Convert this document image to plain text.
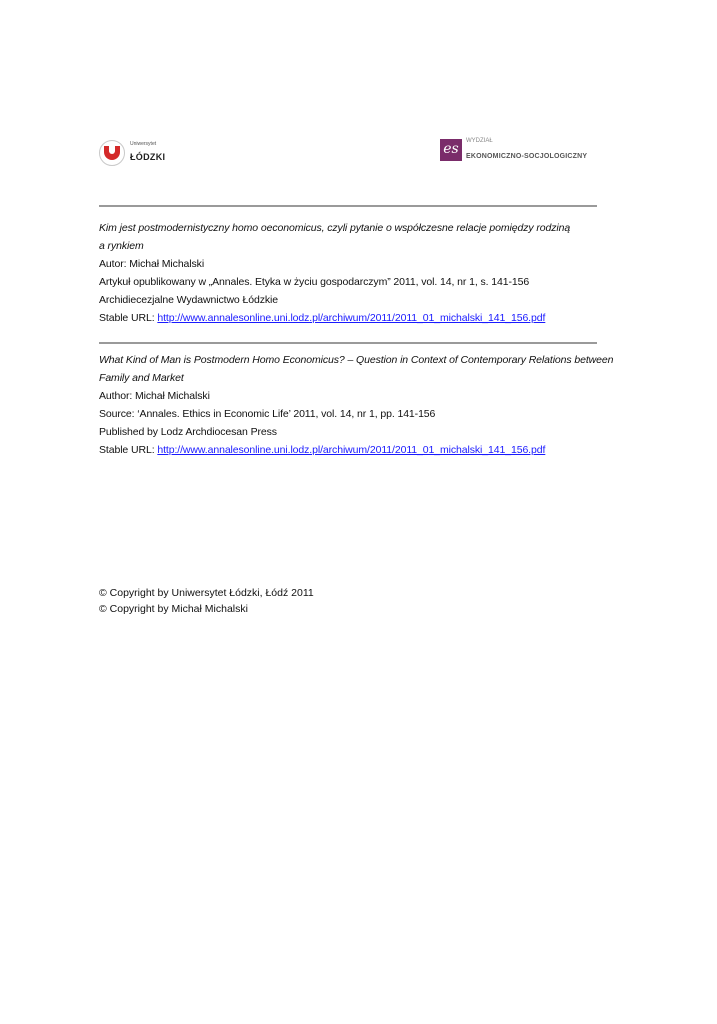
Uniwersytet
ŁÓDZKI	es
WYDZIAŁ
EKONOMICZNO-SOCJOLOGICZNY
Kim jest postmodernistyczny homo oeconomicus, czyli pytanie o współczesne relacje pomiędzy rodziną
a rynkiem
Autor: Michał Michalski
Artykuł opublikowany w „Annales. Etyka w życiu gospodarczym” 2011, vol. 14, nr 1, s. 141-156
Archidiecezjalne Wydawnictwo Łódzkie
Stable URL: http://www.annalesonline.uni.lodz.pl/archiwum/2011/2011_01_michalski_141_156.pdf
What Kind of Man is Postmodern Homo Economicus? – Question in Context of Contemporary Relations between
Family and Market
Author: Michał Michalski
Source: ‘Annales. Ethics in Economic Life’ 2011, vol. 14, nr 1, pp. 141-156
Published by Lodz Archdiocesan Press
Stable URL: http://www.annalesonline.uni.lodz.pl/archiwum/2011/2011_01_michalski_141_156.pdf
© Copyright by Uniwersytet Łódzki, Łódź 2011
© Copyright by Michał Michalski
